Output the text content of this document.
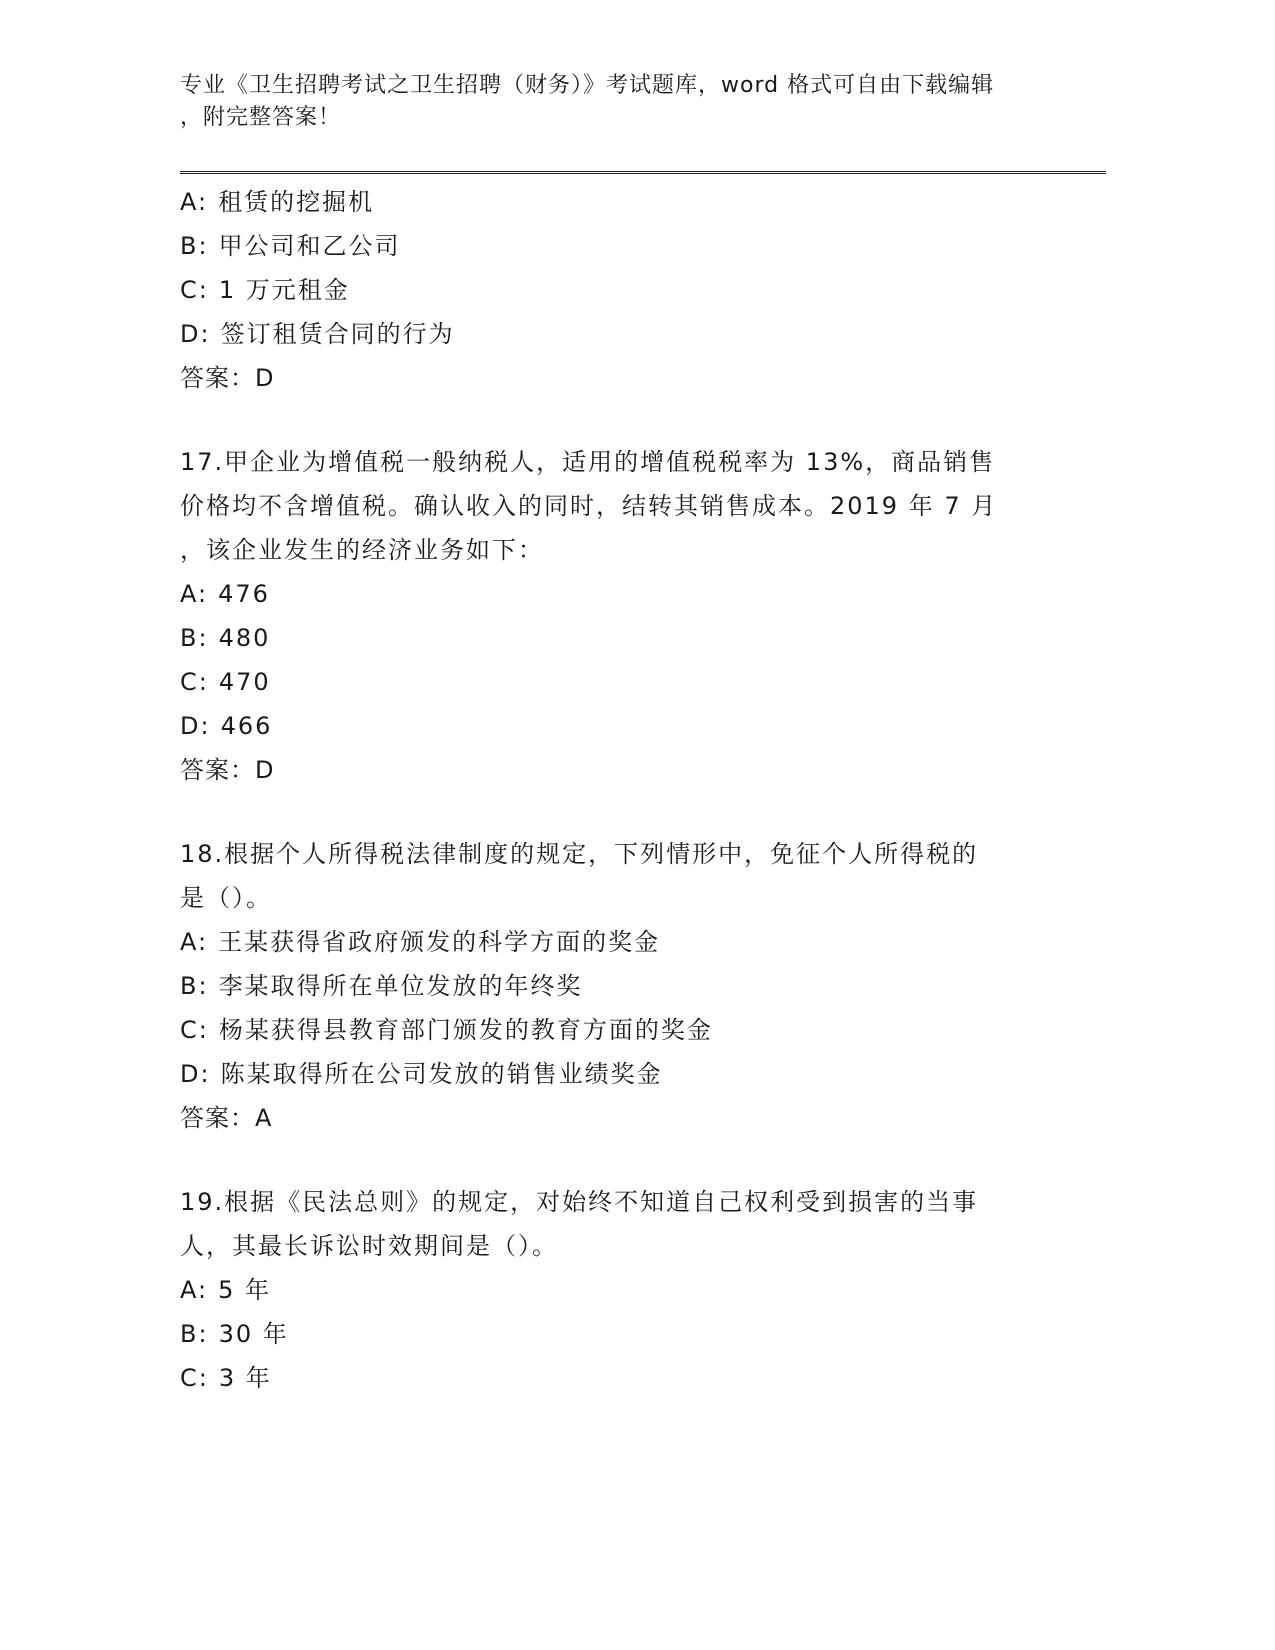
专业《卫生招聘考试之卫生招聘（财务）》考试题库，word 格式可自由下载编辑
，附完整答案！
A: 租赁的挖掘机
B: 甲公司和乙公司
C: 1 万元租金
D: 签订租赁合同的行为
答案：D
17.甲企业为增值税一般纳税人，适用的增值税税率为 13%，商品销售
价格均不含增值税。确认收入的同时，结转其销售成本。2019 年 7 月
，该企业发生的经济业务如下：
A: 476
B: 480
C: 470
D: 466
答案：D
18.根据个人所得税法律制度的规定，下列情形中，免征个人所得税的
是（）。
A: 王某获得省政府颁发的科学方面的奖金
B: 李某取得所在单位发放的年终奖
C: 杨某获得县教育部门颁发的教育方面的奖金
D: 陈某取得所在公司发放的销售业绩奖金
答案：A
19.根据《民法总则》的规定，对始终不知道自己权利受到损害的当事
人，其最长诉讼时效期间是（）。
A: 5 年
B: 30 年
C: 3 年
